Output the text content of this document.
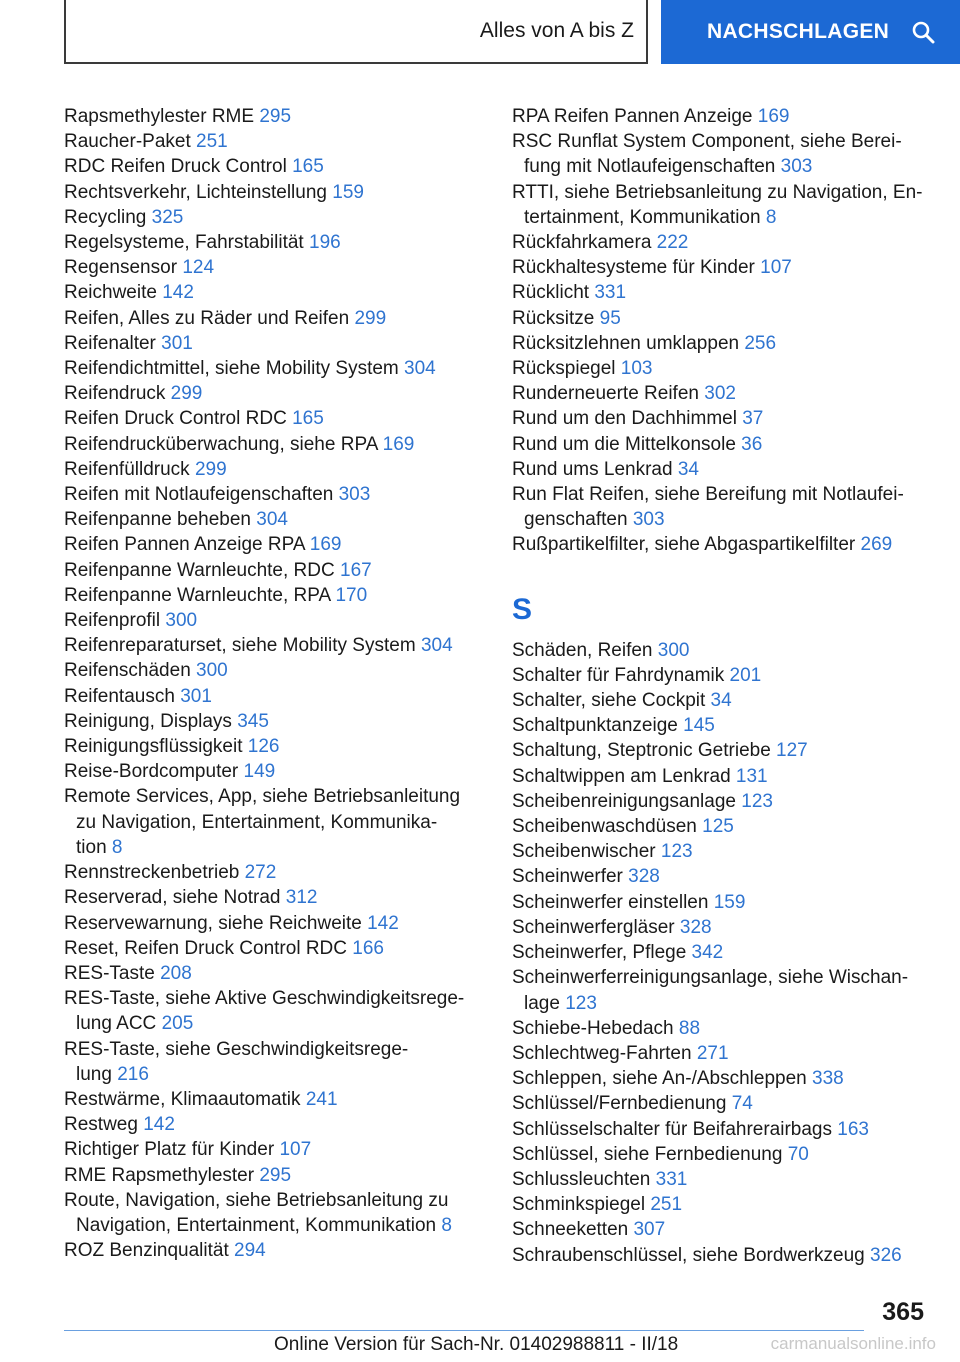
Alles von A bis Z	NACHSCHLAGEN
Rapsmethylester RME 295
Raucher-Paket 251
RDC Reifen Druck Control 165
Rechtsverkehr, Lichteinstellung 159
Recycling 325
Regelsysteme, Fahrstabilität 196
Regensensor 124
Reichweite 142
Reifen, Alles zu Räder und Reifen 299
Reifenalter 301
Reifendichtmittel, siehe Mobility System 304
Reifendruck 299
Reifen Druck Control RDC 165
Reifendrucküberwachung, siehe RPA 169
Reifenfülldruck 299
Reifen mit Notlaufeigenschaften 303
Reifenpanne beheben 304
Reifen Pannen Anzeige RPA 169
Reifenpanne Warnleuchte, RDC 167
Reifenpanne Warnleuchte, RPA 170
Reifenprofil 300
Reifenreparaturset, siehe Mobility System 304
Reifenschäden 300
Reifentausch 301
Reinigung, Displays 345
Reinigungsflüssigkeit 126
Reise-Bordcomputer 149
Remote Services, App, siehe Betriebsanleitung
zu Navigation, Entertainment, Kommunika-
tion 8
Rennstreckenbetrieb 272
Reserverad, siehe Notrad 312
Reservewarnung, siehe Reichweite 142
Reset, Reifen Druck Control RDC 166
RES-Taste 208
RES-Taste, siehe Aktive Geschwindigkeitsrege-
lung ACC 205
RES-Taste, siehe Geschwindigkeitsrege-
lung 216
Restwärme, Klimaautomatik 241
Restweg 142
Richtiger Platz für Kinder 107
RME Rapsmethylester 295
Route, Navigation, siehe Betriebsanleitung zu
Navigation, Entertainment, Kommunikation 8
ROZ Benzinqualität 294
RPA Reifen Pannen Anzeige 169
RSC Runflat System Component, siehe Berei-
fung mit Notlaufeigenschaften 303
RTTI, siehe Betriebsanleitung zu Navigation, En-
tertainment, Kommunikation 8
Rückfahrkamera 222
Rückhaltesysteme für Kinder 107
Rücklicht 331
Rücksitze 95
Rücksitzlehnen umklappen 256
Rückspiegel 103
Runderneuerte Reifen 302
Rund um den Dachhimmel 37
Rund um die Mittelkonsole 36
Rund ums Lenkrad 34
Run Flat Reifen, siehe Bereifung mit Notlaufei-
genschaften 303
Rußpartikelfilter, siehe Abgaspartikelfilter 269
S
Schäden, Reifen 300
Schalter für Fahrdynamik 201
Schalter, siehe Cockpit 34
Schaltpunktanzeige 145
Schaltung, Steptronic Getriebe 127
Schaltwippen am Lenkrad 131
Scheibenreinigungsanlage 123
Scheibenwaschdüsen 125
Scheibenwischer 123
Scheinwerfer 328
Scheinwerfer einstellen 159
Scheinwerfergläser 328
Scheinwerfer, Pflege 342
Scheinwerferreinigungsanlage, siehe Wischan-
lage 123
Schiebe-Hebedach 88
Schlechtweg-Fahrten 271
Schleppen, siehe An-/Abschleppen 338
Schlüssel/Fernbedienung 74
Schlüsselschalter für Beifahrerairbags 163
Schlüssel, siehe Fernbedienung 70
Schlussleuchten 331
Schminkspiegel 251
Schneeketten 307
Schraubenschlüssel, siehe Bordwerkzeug 326
365
Online Version für Sach-Nr. 01402988811 - II/18	carmanualsonline.info
